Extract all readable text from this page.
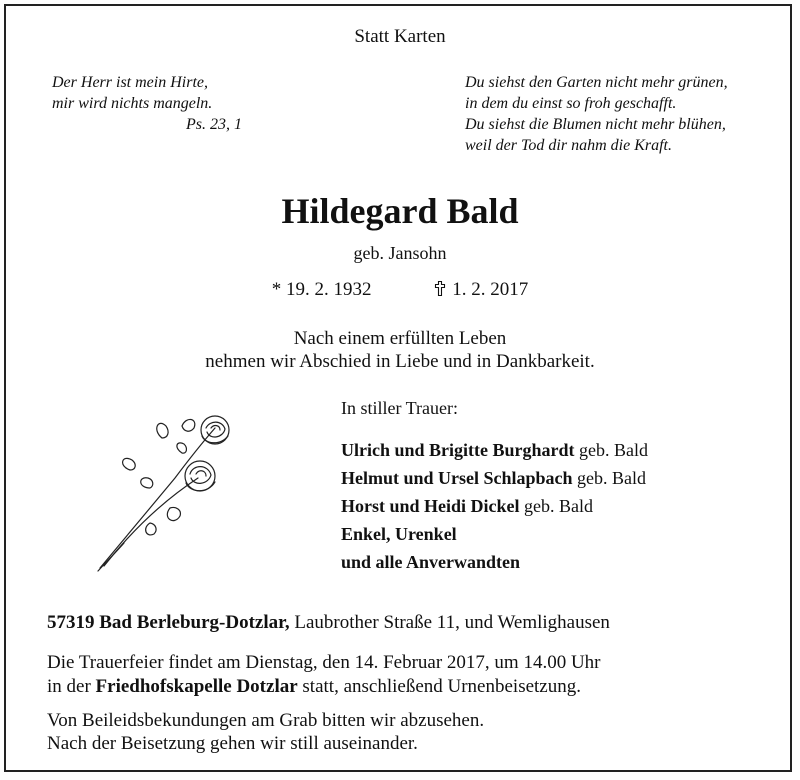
Statt Karten
Der Herr ist mein Hirte,
mir wird nichts mangeln.
Ps. 23, 1
Du siehst den Garten nicht mehr grünen,
in dem du einst so froh geschafft.
Du siehst die Blumen nicht mehr blühen,
weil der Tod dir nahm die Kraft.
Hildegard Bald
geb. Jansohn
* 19. 2. 1932	1. 2. 2017
Nach einem erfüllten Leben
nehmen wir Abschied in Liebe und in Dankbarkeit.
In stiller Trauer:
Ulrich und Brigitte Burghardt geb. Bald
Helmut und Ursel Schlapbach geb. Bald
Horst und Heidi Dickel geb. Bald
Enkel, Urenkel
und alle Anverwandten
57319 Bad Berleburg-Dotzlar, Laubrother Straße 11, und Wemlighausen
Die Trauerfeier findet am Dienstag, den 14. Februar 2017, um 14.00 Uhr
in der Friedhofskapelle Dotzlar statt, anschließend Urnenbeisetzung.
Von Beileidsbekundungen am Grab bitten wir abzusehen.
Nach der Beisetzung gehen wir still auseinander.
